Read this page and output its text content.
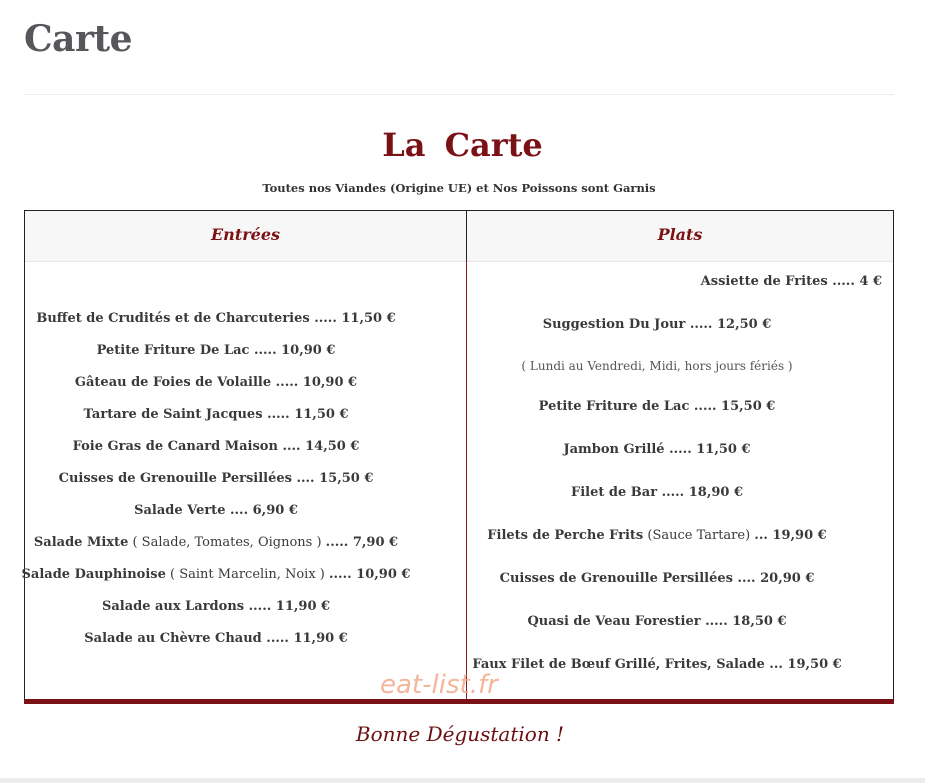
Carte
La Carte
Toutes nos Viandes (Origine UE) et Nos Poissons sont Garnis
Entrées	Plats
Buffet de Crudités et de Charcuteries ..... 11,50 €
Petite Friture De Lac ..... 10,90 €
Gâteau de Foies de Volaille ..... 10,90 €
Tartare de Saint Jacques ..... 11,50 €
Foie Gras de Canard Maison .... 14,50 €
Cuisses de Grenouille Persillées .... 15,50 €
Salade Verte .... 6,90 €
Salade Mixte ( Salade, Tomates, Oignons ) ..... 7,90 €
Salade Dauphinoise ( Saint Marcelin, Noix ) ..... 10,90 €
Salade aux Lardons ..... 11,90 €
Salade au Chèvre Chaud ..... 11,90 €
Assiette de Frites ..... 4 €
Suggestion Du Jour ..... 12,50 €
( Lundi au Vendredi, Midi, hors jours fériés )
Petite Friture de Lac ..... 15,50 €
Jambon Grillé ..... 11,50 €
Filet de Bar ..... 18,90 €
Filets de Perche Frits (Sauce Tartare) ... 19,90 €
Cuisses de Grenouille Persillées .... 20,90 €
Quasi de Veau Forestier ..... 18,50 €
Faux Filet de Bœuf Grillé, Frites, Salade ... 19,50 €
eat-list.fr
Bonne Dégustation !
